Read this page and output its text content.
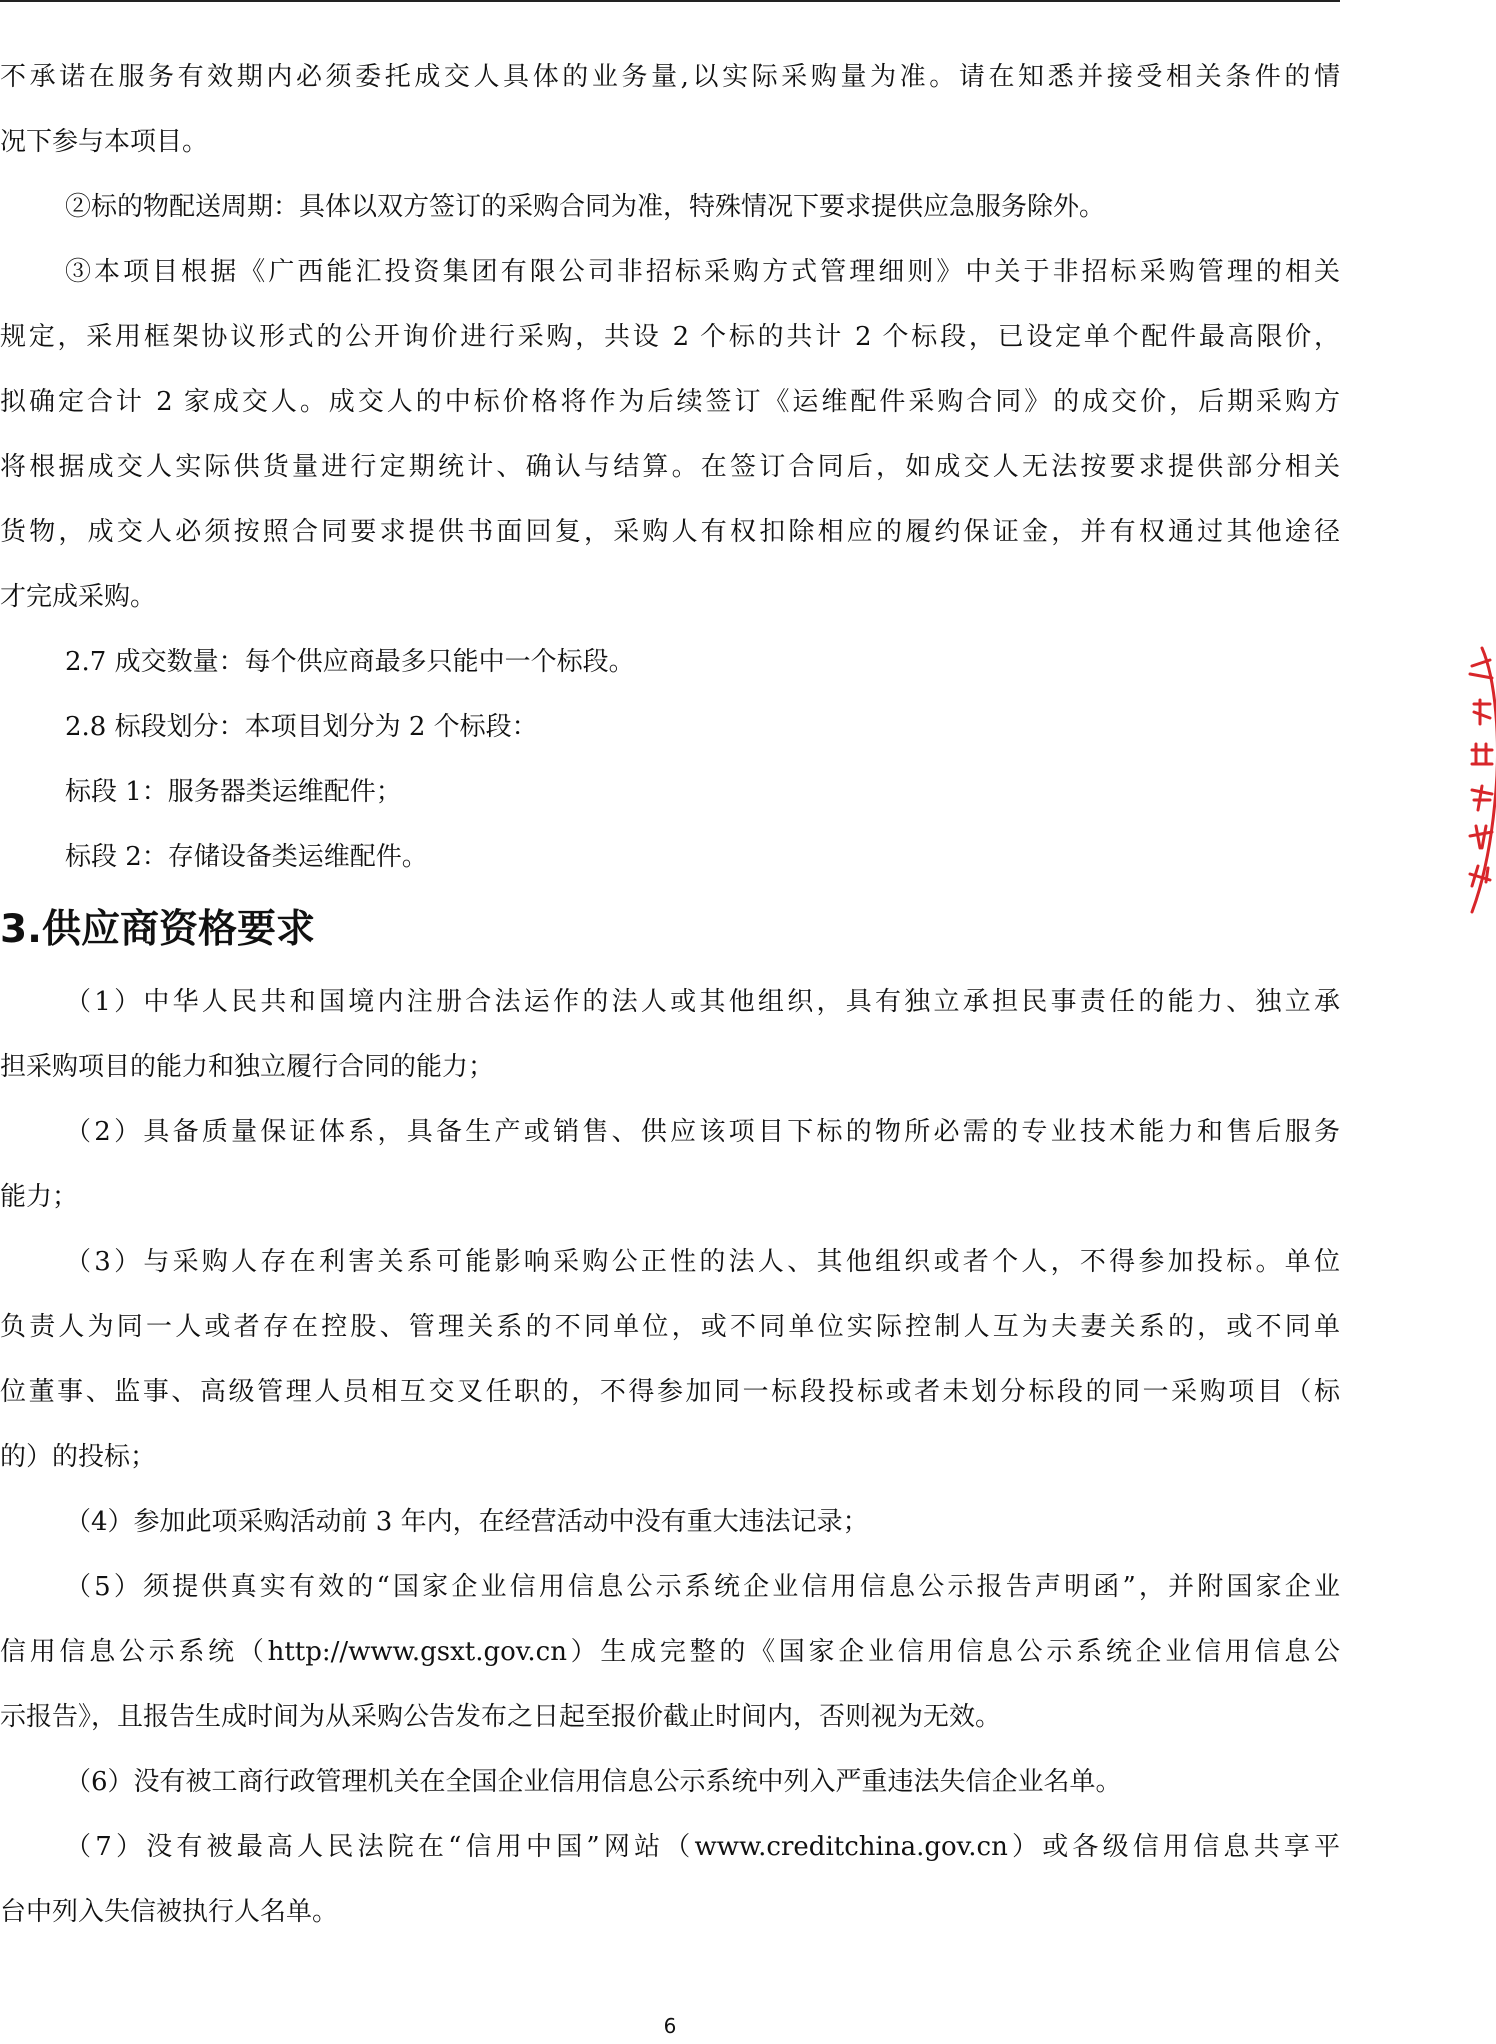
不承诺在服务有效期内必须委托成交人具体的业务量,以实际采购量为准。请在知悉并接受相关条件的情
况下参与本项目。
②标的物配送周期：具体以双方签订的采购合同为准，特殊情况下要求提供应急服务除外。
③本项目根据《广西能汇投资集团有限公司非招标采购方式管理细则》中关于非招标采购管理的相关
规定，采用框架协议形式的公开询价进行采购，共设 2 个标的共计 2 个标段，已设定单个配件最高限价，
拟确定合计 2 家成交人。成交人的中标价格将作为后续签订《运维配件采购合同》的成交价，后期采购方
将根据成交人实际供货量进行定期统计、确认与结算。在签订合同后，如成交人无法按要求提供部分相关
货物，成交人必须按照合同要求提供书面回复，采购人有权扣除相应的履约保证金，并有权通过其他途径
才完成采购。
2.7 成交数量：每个供应商最多只能中一个标段。
2.8 标段划分：本项目划分为 2 个标段：
标段 1：服务器类运维配件；
标段 2：存储设备类运维配件。
3.供应商资格要求
（1）中华人民共和国境内注册合法运作的法人或其他组织，具有独立承担民事责任的能力、独立承
担采购项目的能力和独立履行合同的能力；
（2）具备质量保证体系，具备生产或销售、供应该项目下标的物所必需的专业技术能力和售后服务
能力；
（3）与采购人存在利害关系可能影响采购公正性的法人、其他组织或者个人，不得参加投标。单位
负责人为同一人或者存在控股、管理关系的不同单位，或不同单位实际控制人互为夫妻关系的，或不同单
位董事、监事、高级管理人员相互交叉任职的，不得参加同一标段投标或者未划分标段的同一采购项目（标
的）的投标；
（4）参加此项采购活动前 3 年内，在经营活动中没有重大违法记录；
（5）须提供真实有效的“国家企业信用信息公示系统企业信用信息公示报告声明函”，并附国家企业
信用信息公示系统（http://www.gsxt.gov.cn）生成完整的《国家企业信用信息公示系统企业信用信息公
示报告》，且报告生成时间为从采购公告发布之日起至报价截止时间内，否则视为无效。
（6）没有被工商行政管理机关在全国企业信用信息公示系统中列入严重违法失信企业名单。
（7）没有被最高人民法院在“信用中国”网站（www.creditchina.gov.cn）或各级信用信息共享平
台中列入失信被执行人名单。
6
